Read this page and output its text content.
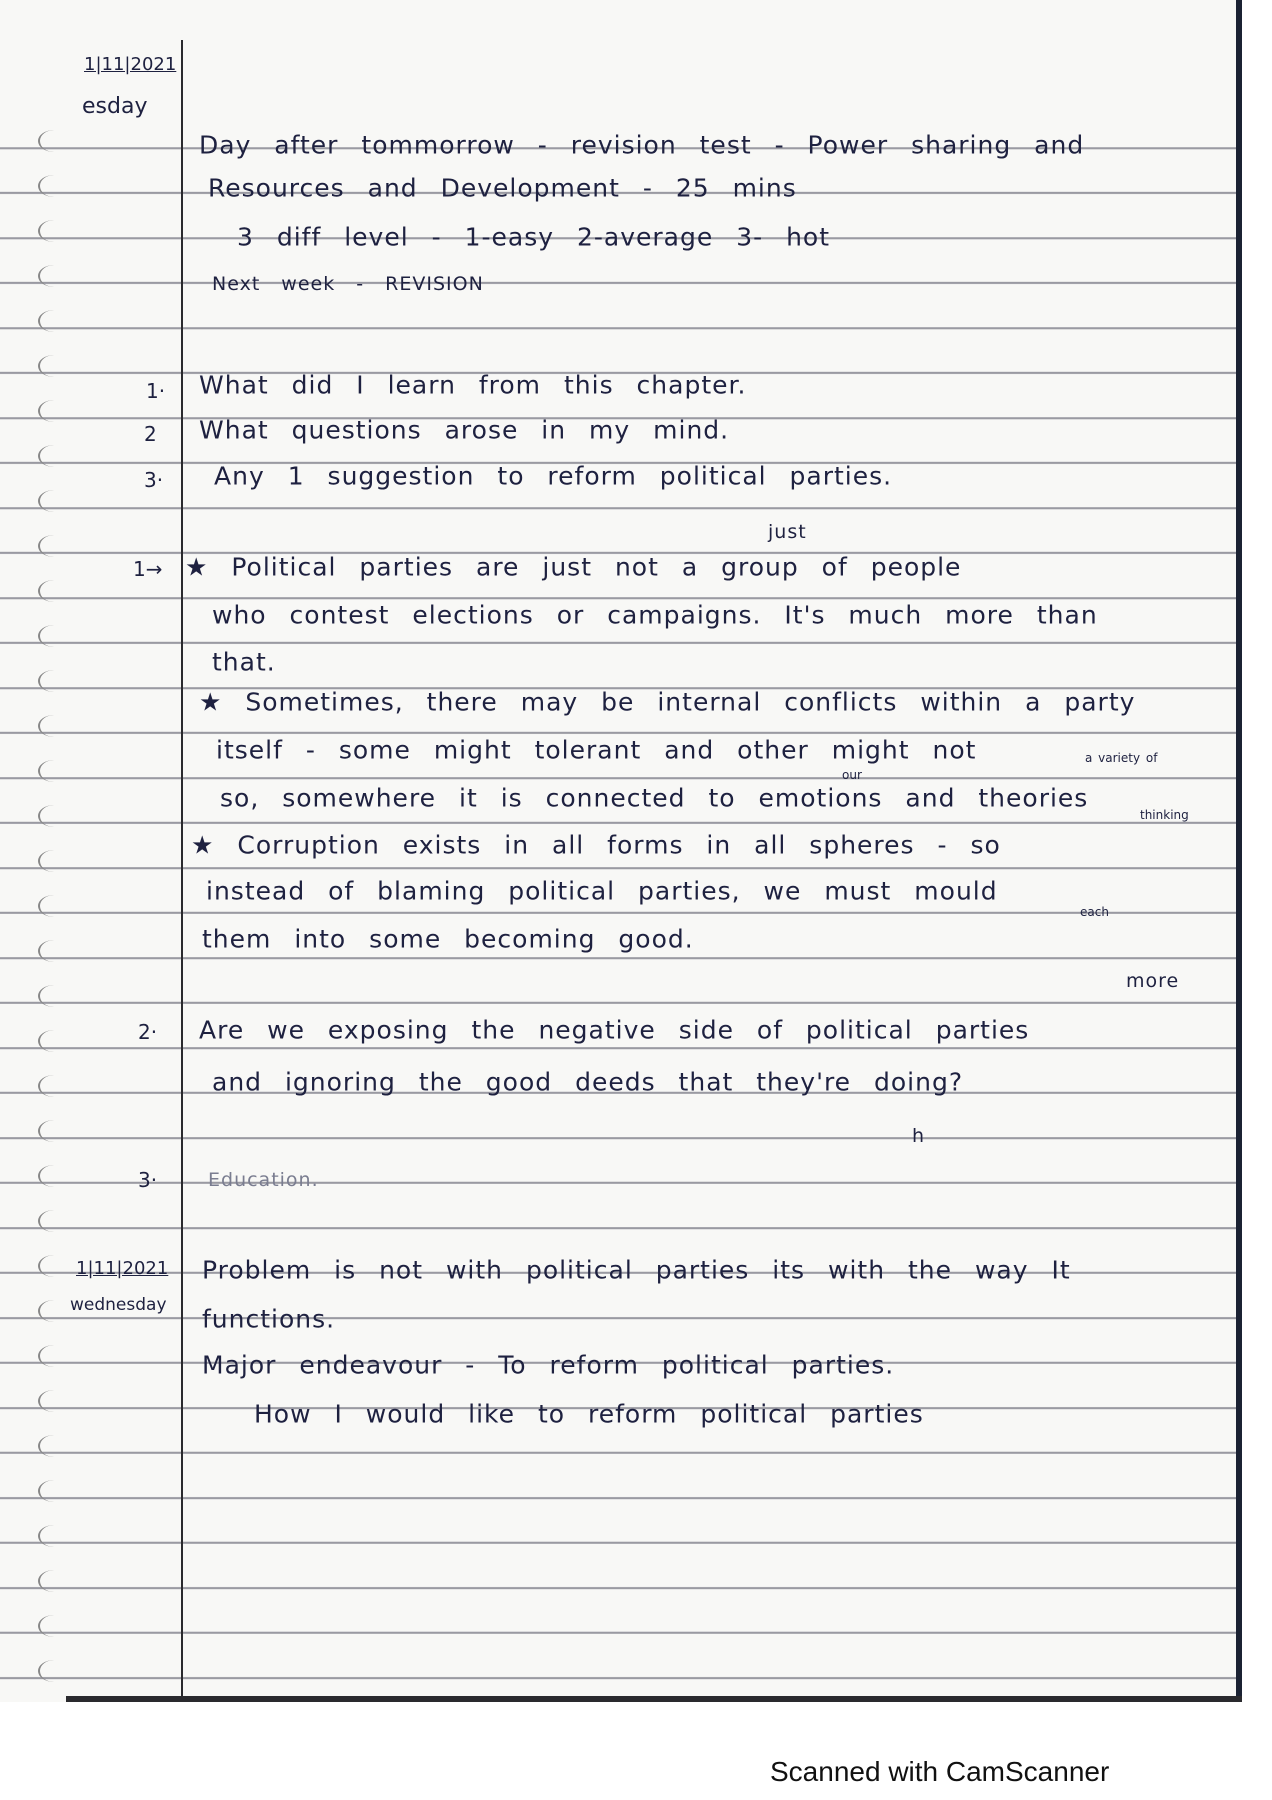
1|11|2021
esday
Day after tommorrow - revision test - Power sharing and
Resources and Development - 25 mins
3 diff level - 1-easy 2-average 3- hot
Next week - REVISION
1· What did I learn from this chapter.
2 What questions arose in my mind.
3· Any 1 suggestion to reform political parties.
1→
just
★ Political parties are just not a group of people
who contest elections or campaigns. It's much more than
that.
★ Sometimes, there may be internal conflicts within a party
itself - some might tolerant and other might not	a variety of
our
so, somewhere it is connected to emotions and theories
thinking
★ Corruption exists in all forms in all spheres - so
instead of blaming political parties, we must mould
each
them into some becoming good.
more
2· Are we exposing the negative side of political parties
and ignoring the good deeds that they're doing?
h
3·	Education.
1|11|2021
wednesday
Problem is not with political parties its with the way It
functions.
Major endeavour - To reform political parties.
How I would like to reform political parties
Scanned with CamScanner
